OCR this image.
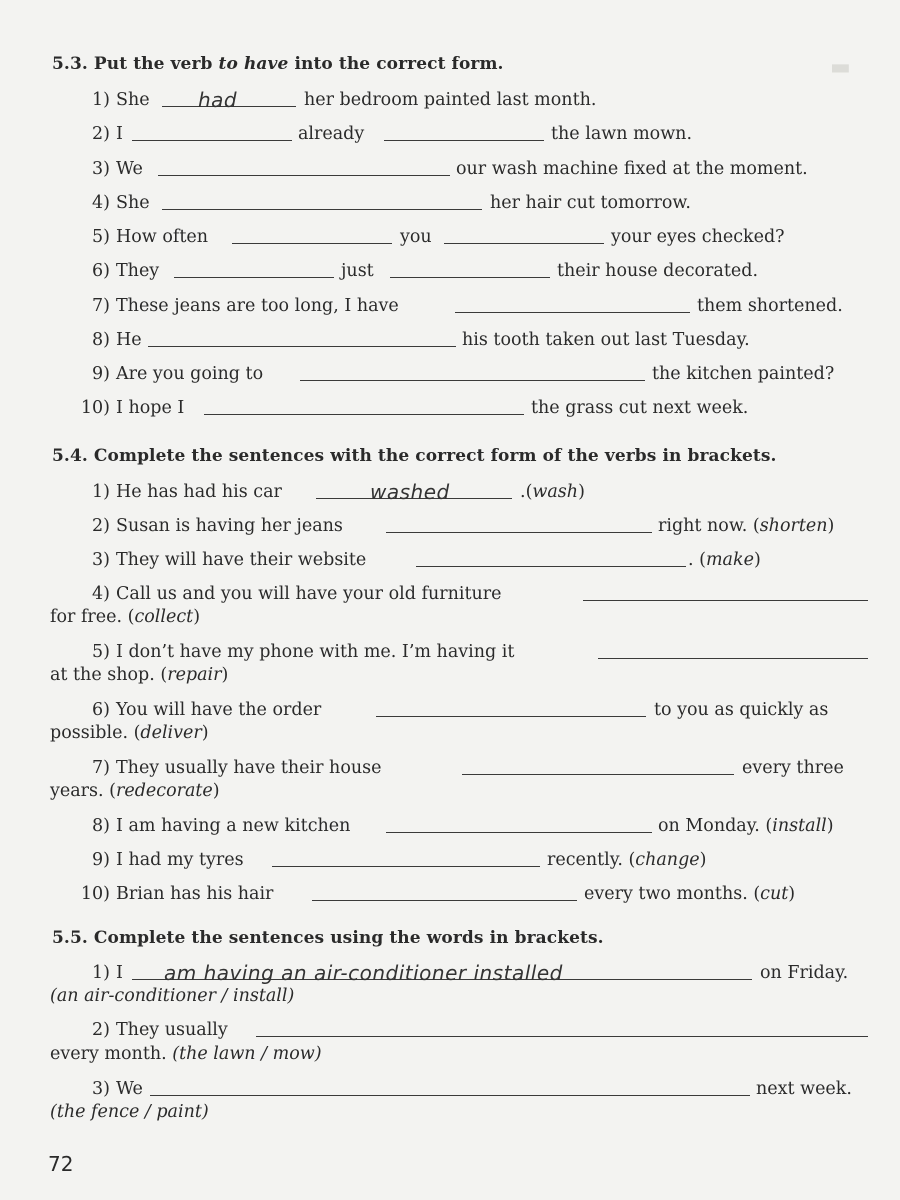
▬
5.3. Put the verb to have into the correct form.
1) She had	her bedroom painted last month.
2) I	already	the lawn mown.
3) We	our wash machine fixed at the moment.
4) She	her hair cut tomorrow.
5) How often	you	your eyes checked?
6) They	just	their house decorated.
7) These jeans are too long, I have	them shortened.
8) He	his tooth taken out last Tuesday.
9) Are you going to	the kitchen painted?
10) I hope I	the grass cut next week.
5.4. Complete the sentences with the correct form of the verbs in brackets.
1) He has had his car	washed	.(wash)
2) Susan is having her jeans	right now. (shorten)
3) They will have their website	. (make)
4) Call us and you will have your old furniture
for free. (collect)
5) I don’t have my phone with me. I’m having it
at the shop. (repair)
6) You will have the order	to you as quickly as
possible. (deliver)
7) They usually have their house	every three
years. (redecorate)
8) I am having a new kitchen	on Monday. (install)
9) I had my tyres	recently. (change)
10) Brian has his hair	every two months. (cut)
5.5. Complete the sentences using the words in brackets.
1) I am having an air-conditioner installed	on Friday.
(an air-conditioner / install)
2) They usually
every month. (the lawn / mow)
3) We	next week.
(the fence / paint)
72
